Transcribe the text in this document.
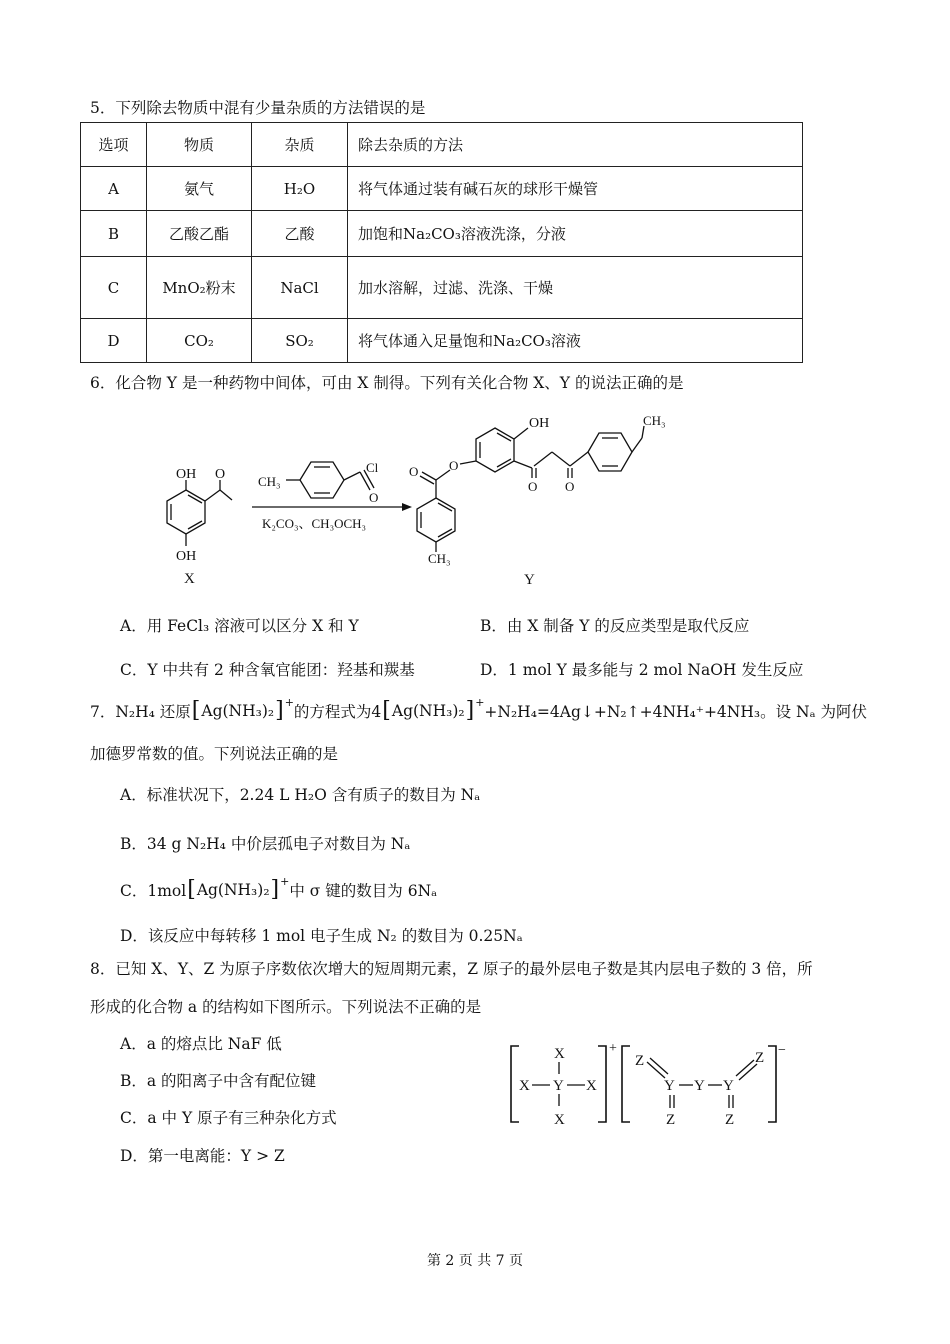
5．下列除去物质中混有少量杂质的方法错误的是
选项	物质	杂质	除去杂质的方法
A	氨气	H₂O	将气体通过装有碱石灰的球形干燥管
B	乙酸乙酯	乙酸	加饱和Na₂CO₃溶液洗涤，分液
C	MnO₂粉末	NaCl	加水溶解，过滤、洗涤、干燥
D	CO₂	SO₂	将气体通入足量饱和Na₂CO₃溶液
6．化合物 Y 是一种药物中间体，可由 X 制得。下列有关化合物 X、Y 的说法正确的是
OH O
OH
X
CH₃
Cl
O
K₂CO₃、CH₃OCH₃
OH
O O
CH₃
O
O
CH₃
Y
A．用 FeCl₃ 溶液可以区分 X 和 Y	B．由 X 制备 Y 的反应类型是取代反应
C．Y 中共有 2 种含氧官能团：羟基和羰基	D．1 mol Y 最多能与 2 mol NaOH 发生反应
7．N₂H₄ 还原 [ Ag(NH₃)₂ ]+ 的方程式为4 [ Ag(NH₃)₂ ]+ +N₂H₄=4Ag↓+N₂↑+4NH₄⁺+4NH₃。设 Nₐ 为阿伏
加德罗常数的值。下列说法正确的是
A．标准状况下，2.24 L H₂O 含有质子的数目为 Nₐ
B．34 g N₂H₄ 中价层孤电子对数目为 Nₐ
C．1mol [ Ag(NH₃)₂ ]+ 中 σ 键的数目为 6Nₐ
D．该反应中每转移 1 mol 电子生成 N₂ 的数目为 0.25Nₐ
8．已知 X、Y、Z 为原子序数依次增大的短周期元素，Z 原子的最外层电子数是其内层电子数的 3 倍，所
形成的化合物 a 的结构如下图所示。下列说法不正确的是
A．a 的熔点比 NaF 低
B．a 的阳离子中含有配位键
C．a 中 Y 原子有三种杂化方式
D．第一电离能：Y > Z
+
X
X Y X
X
−
Z
Y
Z
Y Y
Z
Z
第 2 页 共 7 页
